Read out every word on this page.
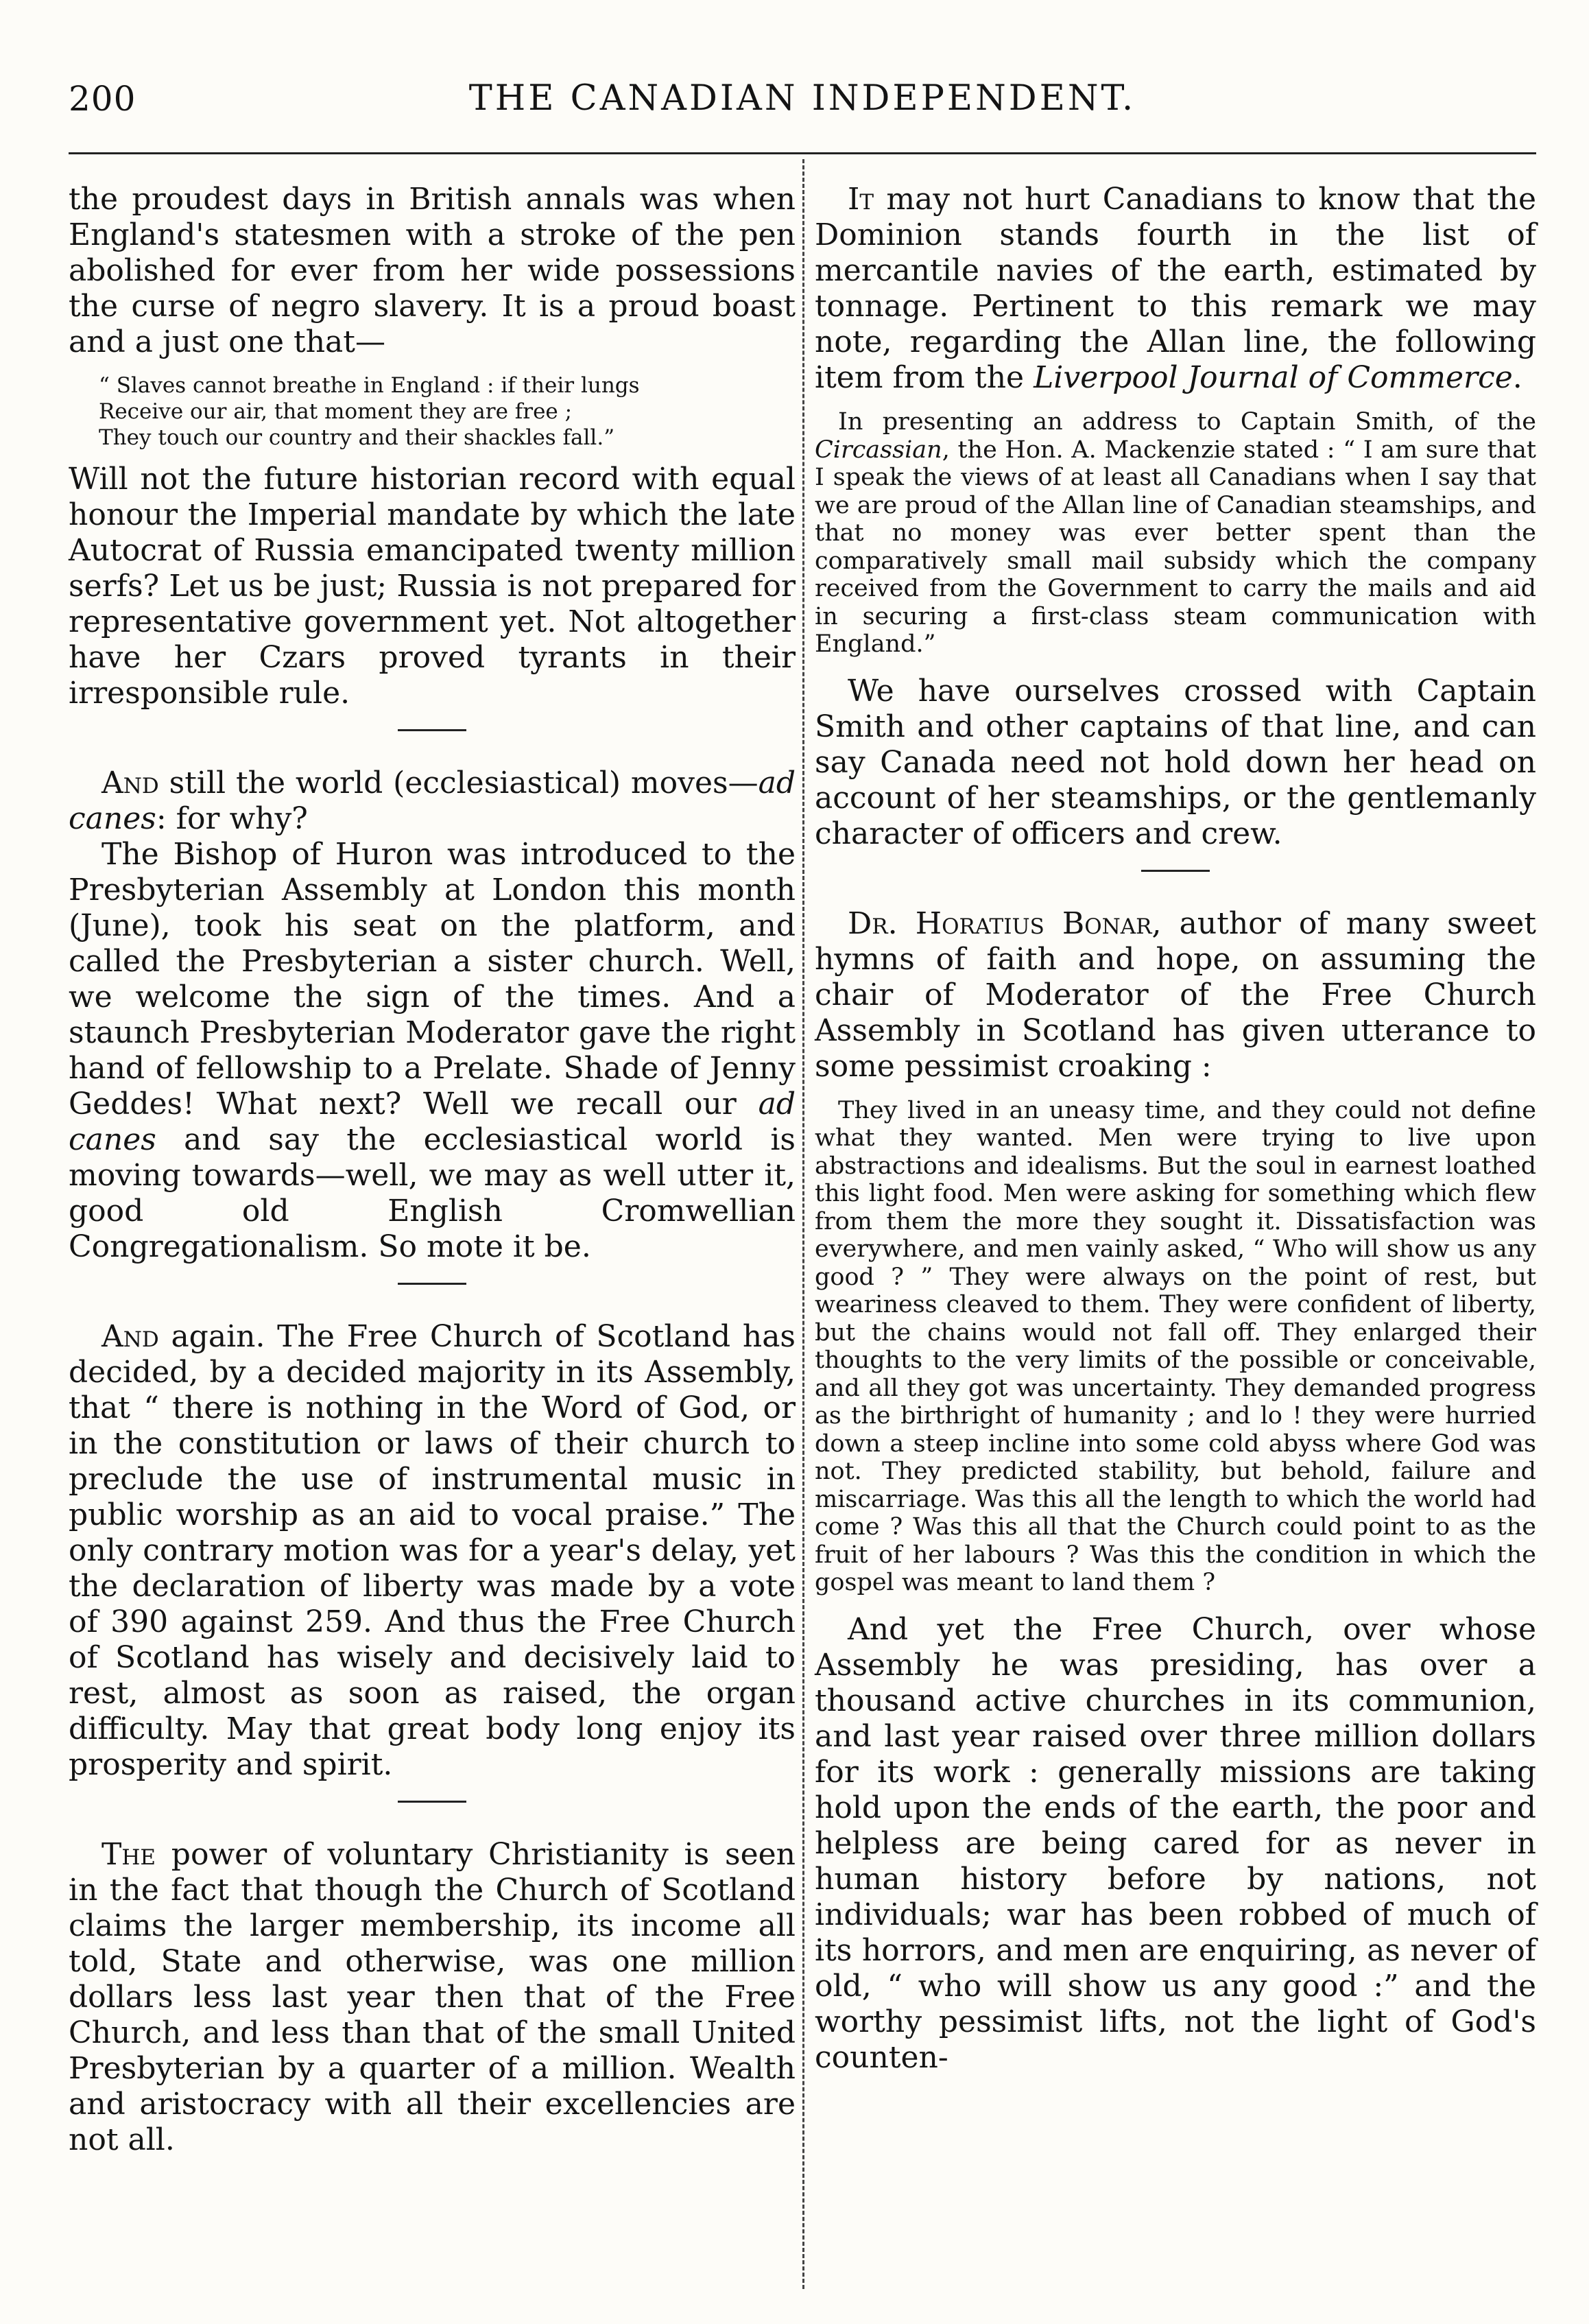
200	THE CANADIAN INDEPENDENT.

the proudest days in British annals was when England's statesmen with a stroke of the pen abolished for ever from her wide possessions the curse of negro slavery. It is a proud boast and a just one that—

“ Slaves cannot breathe in England : if their lungs
Receive our air, that moment they are free ;
They touch our country and their shackles fall.”

Will not the future historian record with equal honour the Imperial mandate by which the late Autocrat of Russia emancipated twenty million serfs? Let us be just; Russia is not prepared for representative government yet. Not altogether have her Czars proved tyrants in their irresponsible rule.

And still the world (ecclesiastical) moves—ad canes: for why?

The Bishop of Huron was introduced to the Presbyterian Assembly at London this month (June), took his seat on the platform, and called the Presbyterian a sister church. Well, we welcome the sign of the times. And a staunch Presbyterian Moderator gave the right hand of fellowship to a Prelate. Shade of Jenny Geddes! What next? Well we recall our ad canes and say the ecclesiastical world is moving towards—well, we may as well utter it, good old English Cromwellian Congregationalism. So mote it be.

And again. The Free Church of Scotland has decided, by a decided majority in its Assembly, that “ there is nothing in the Word of God, or in the constitution or laws of their church to preclude the use of instrumental music in public worship as an aid to vocal praise.” The only contrary motion was for a year's delay, yet the declaration of liberty was made by a vote of 390 against 259. And thus the Free Church of Scotland has wisely and decisively laid to rest, almost as soon as raised, the organ difficulty. May that great body long enjoy its prosperity and spirit.

The power of voluntary Christianity is seen in the fact that though the Church of Scotland claims the larger membership, its income all told, State and otherwise, was one million dollars less last year then that of the Free Church, and less than that of the small United Presbyterian by a quarter of a million. Wealth and aristocracy with all their excellencies are not all.

It may not hurt Canadians to know that the Dominion stands fourth in the list of mercantile navies of the earth, estimated by tonnage. Pertinent to this remark we may note, regarding the Allan line, the following item from the Liverpool Journal of Commerce.

In presenting an address to Captain Smith, of the Circassian, the Hon. A. Mackenzie stated : “ I am sure that I speak the views of at least all Canadians when I say that we are proud of the Allan line of Canadian steamships, and that no money was ever better spent than the comparatively small mail subsidy which the company received from the Government to carry the mails and aid in securing a first-class steam communication with England.”

We have ourselves crossed with Captain Smith and other captains of that line, and can say Canada need not hold down her head on account of her steamships, or the gentlemanly character of officers and crew.

Dr. Horatius Bonar, author of many sweet hymns of faith and hope, on assuming the chair of Moderator of the Free Church Assembly in Scotland has given utterance to some pessimist croaking :

They lived in an uneasy time, and they could not define what they wanted. Men were trying to live upon abstractions and idealisms. But the soul in earnest loathed this light food. Men were asking for something which flew from them the more they sought it. Dissatisfaction was everywhere, and men vainly asked, “ Who will show us any good ? ” They were always on the point of rest, but weariness cleaved to them. They were confident of liberty, but the chains would not fall off. They enlarged their thoughts to the very limits of the possible or conceivable, and all they got was uncertainty. They demanded progress as the birthright of humanity ; and lo ! they were hurried down a steep incline into some cold abyss where God was not. They predicted stability, but behold, failure and miscarriage. Was this all the length to which the world had come ? Was this all that the Church could point to as the fruit of her labours ? Was this the condition in which the gospel was meant to land them ?

And yet the Free Church, over whose Assembly he was presiding, has over a thousand active churches in its communion, and last year raised over three million dollars for its work : generally missions are taking hold upon the ends of the earth, the poor and helpless are being cared for as never in human history before by nations, not individuals; war has been robbed of much of its horrors, and men are enquiring, as never of old, “ who will show us any good :” and the worthy pessimist lifts, not the light of God's counten-
